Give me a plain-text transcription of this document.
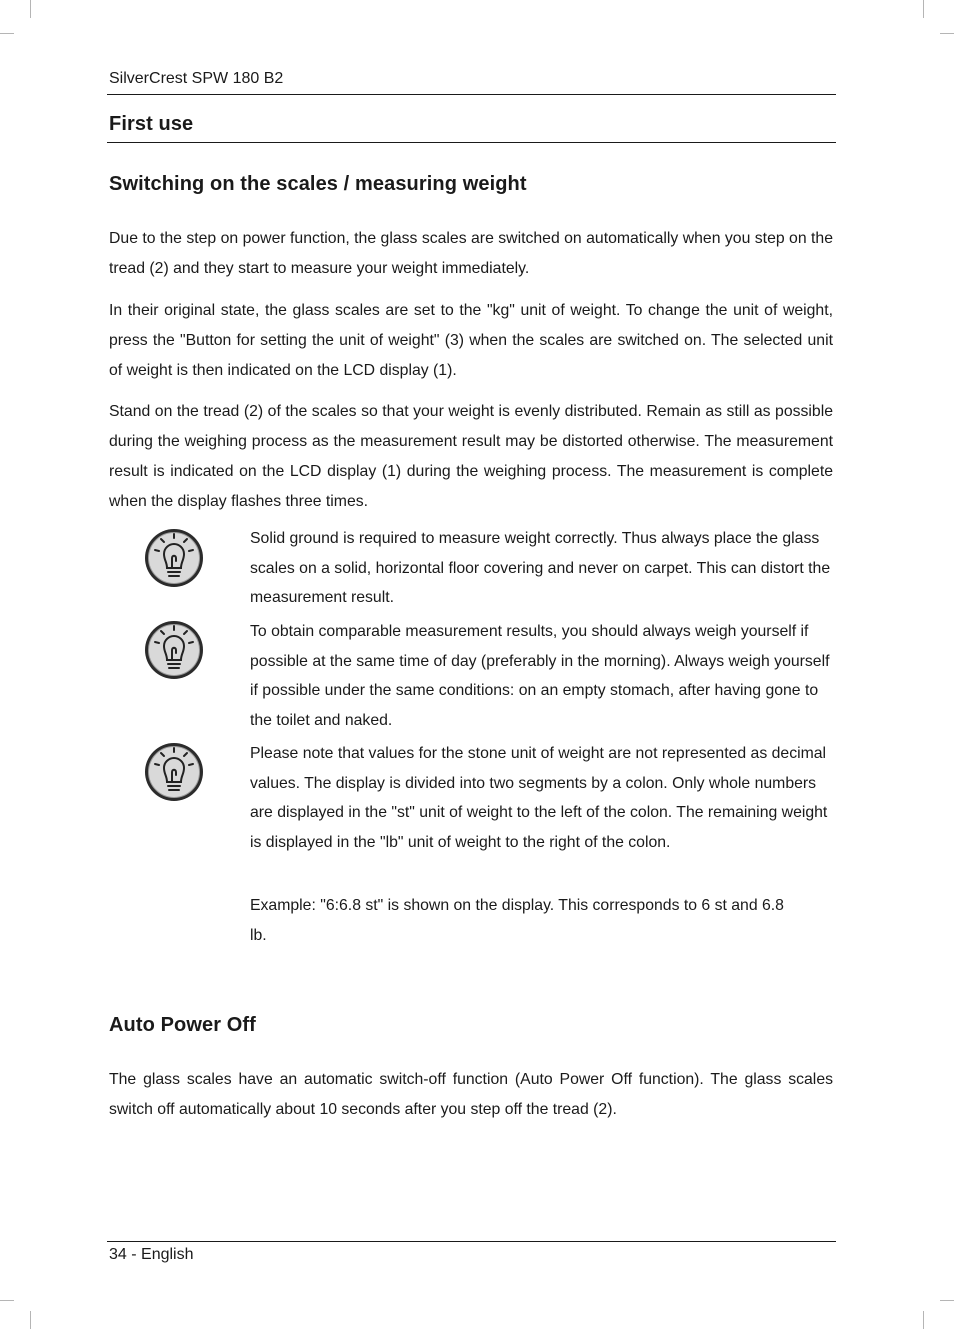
SilverCrest SPW 180 B2
First use
Switching on the scales / measuring weight

Due to the step on power function, the glass scales are switched on automatically when you step on the tread (2) and they start to measure your weight immediately.

In their original state, the glass scales are set to the "kg" unit of weight. To change the unit of weight, press the "Button for setting the unit of weight" (3) when the scales are switched on. The selected unit of weight is then indicated on the LCD display (1).

Stand on the tread (2) of the scales so that your weight is evenly distributed. Remain as still as possible during the weighing process as the measurement result may be distorted otherwise. The measurement result is indicated on the LCD display (1) during the weighing process. The measurement is complete when the display flashes three times.

Solid ground is required to measure weight correctly. Thus always place the glass scales on a solid, horizontal floor covering and never on carpet. This can distort the measurement result.

To obtain comparable measurement results, you should always weigh yourself if possible at the same time of day (preferably in the morning). Always weigh yourself if possible under the same conditions: on an empty stomach, after having gone to the toilet and naked.

Please note that values for the stone unit of weight are not represented as decimal values. The display is divided into two segments by a colon. Only whole numbers are displayed in the "st" unit of weight to the left of the colon. The remaining weight is displayed in the "lb" unit of weight to the right of the colon.

Example: "6:6.8 st" is shown on the display. This corresponds to 6 st and 6.8 lb.

Auto Power Off

The glass scales have an automatic switch-off function (Auto Power Off function). The glass scales switch off automatically about 10 seconds after you step off the tread (2).

34 - English
